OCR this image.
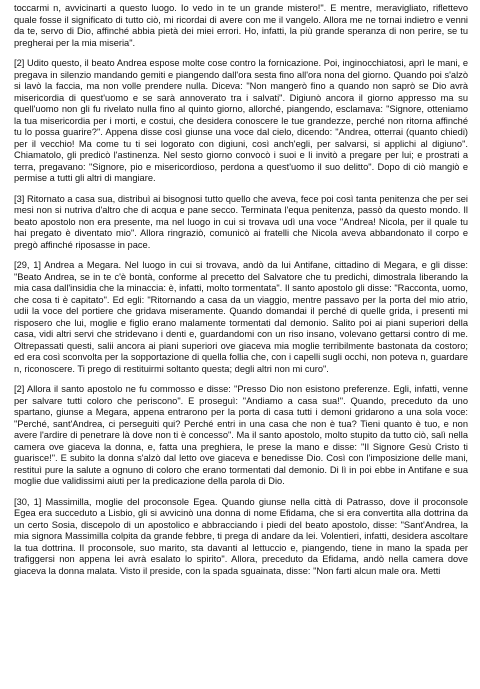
toccarmi n, avvicinarti a questo luogo. Io vedo in te un grande mistero!". E mentre, meravigliato, riflettevo quale fosse il significato di tutto ciò, mi ricordai di avere con me il vangelo. Allora me ne tornai indietro e venni da te, servo di Dio, affinché abbia pietà dei miei errori. Ho, infatti, la più grande speranza di non perire, se tu pregherai per la mia miseria".

[2] Udito questo, il beato Andrea espose molte cose contro la fornicazione. Poi, inginocchiatosi, aprì le mani, e pregava in silenzio mandando gemiti e piangendo dall'ora sesta fino all'ora nona del giorno. Quando poi s'alzò si lavò la faccia, ma non volle prendere nulla. Diceva: "Non mangerò fino a quando non saprò se Dio avrà misericordia di quest'uomo e se sarà annoverato tra i salvati". Digiunò ancora il giorno appresso ma su quell'uomo non gli fu rivelato nulla fino al quinto giorno, allorché, piangendo, esclamava: "Signore, otteniamo la tua misericordia per i morti, e costui, che desidera conoscere le tue grandezze, perché non ritorna affinché tu lo possa guarire?". Appena disse così giunse una voce dal cielo, dicendo: "Andrea, otterrai (quanto chiedi) per il vecchio! Ma come tu ti sei logorato con digiuni, così anch'egli, per salvarsi, si applichi al digiuno". Chiamatolo, gli predicò l'astinenza. Nel sesto giorno convocò i suoi e li invitò a pregare per lui; e prostrati a terra, pregavano: "Signore, pio e misericordioso, perdona a quest'uomo il suo delitto". Dopo di ciò mangiò e permise a tutti gli altri di mangiare.

[3] Ritornato a casa sua, distribuì ai bisognosi tutto quello che aveva, fece poi così tanta penitenza che per sei mesi non si nutriva d'altro che di acqua e pane secco. Terminata l'equa penitenza, passò da questo mondo. Il beato apostolo non era presente, ma nel luogo in cui si trovava udì una voce "Andrea! Nicola, per il quale tu hai pregato è diventato mio". Allora ringraziò, comunicò ai fratelli che Nicola aveva abbandonato il corpo e pregò affinché riposasse in pace.

[29, 1] Andrea a Megara. Nel luogo in cui si trovava, andò da lui Antifane, cittadino di Megara, e gli disse: "Beato Andrea, se in te c'è bontà, conforme al precetto del Salvatore che tu predichi, dimostrala liberando la mia casa dall'insidia che la minaccia: è, infatti, molto tormentata". Il santo apostolo gli disse: "Racconta, uomo, che cosa ti è capitato". Ed egli: "Ritornando a casa da un viaggio, mentre passavo per la porta del mio atrio, udii la voce del portiere che gridava miseramente. Quando domandai il perché di quelle grida, i presenti mi risposero che lui, moglie e figlio erano malamente tormentati dal demonio. Salito poi ai piani superiori della casa, vidi altri servi che stridevano i denti e, guardandomi con un riso insano, volevano gettarsi contro di me. Oltrepassati questi, salii ancora ai piani superiori ove giaceva mia moglie terribilmente bastonata da costoro; ed era così sconvolta per la sopportazione di quella follia che, con i capelli sugli occhi, non poteva n, guardare n, riconoscere. Ti prego di restituirmi soltanto questa; degli altri non mi curo".

[2] Allora il santo apostolo ne fu commosso e disse: "Presso Dio non esistono preferenze. Egli, infatti, venne per salvare tutti coloro che periscono". E proseguì: "Andiamo a casa sua!". Quando, preceduto da uno spartano, giunse a Megara, appena entrarono per la porta di casa tutti i demoni gridarono a una sola voce: "Perché, sant'Andrea, ci perseguiti qui? Perché entri in una casa che non è tua? Tieni quanto è tuo, e non avere l'ardire di penetrare là dove non ti è concesso". Ma il santo apostolo, molto stupito da tutto ciò, salì nella camera ove giaceva la donna, e, fatta una preghiera, le prese la mano e disse: "Il Signore Gesù Cristo ti guarisce!". E subito la donna s'alzò dal letto ove giaceva e benedisse Dio. Così con l'imposizione delle mani, restituì pure la salute a ognuno di coloro che erano tormentati dal demonio. Di lì in poi ebbe in Antifane e sua moglie due validissimi aiuti per la predicazione della parola di Dio.

[30, 1] Massimilla, moglie del proconsole Egea. Quando giunse nella città di Patrasso, dove il proconsole Egea era succeduto a Lisbio, gli si avvicinò una donna di nome Efidama, che si era convertita alla dottrina da un certo Sosia, discepolo di un apostolico e abbracciando i piedi del beato apostolo, disse: "Sant'Andrea, la mia signora Massimilla colpita da grande febbre, ti prega di andare da lei. Volentieri, infatti, desidera ascoltare la tua dottrina. Il proconsole, suo marito, sta davanti al lettuccio e, piangendo, tiene in mano la spada per trafiggersi non appena lei avrà esalato lo spirito". Allora, preceduto da Efidama, andò nella camera dove giaceva la donna malata. Visto il preside, con la spada sguainata, disse: "Non farti alcun male ora. Metti
